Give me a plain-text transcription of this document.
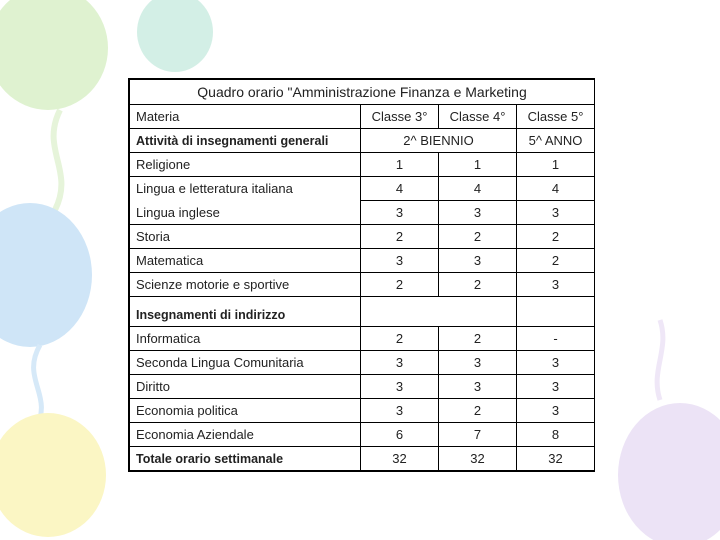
Quadro orario "Amministrazione Finanza e Marketing			
Materia	Classe 3°	Classe 4°	Classe 5°
Attività di insegnamenti generali	2^ BIENNIO		5^ ANNO
Religione	1	1	1
Lingua e letteratura italiana	4	4	4
Lingua inglese	3	3	3
Storia	2	2	2
Matematica	3	3	2
Scienze motorie e sportive	2	2	3
Insegnamenti di indirizzo			
Informatica	2	2	-
Seconda Lingua Comunitaria	3	3	3
Diritto	3	3	3
Economia politica	3	2	3
Economia Aziendale	6	7	8
Totale orario settimanale	32	32	32
